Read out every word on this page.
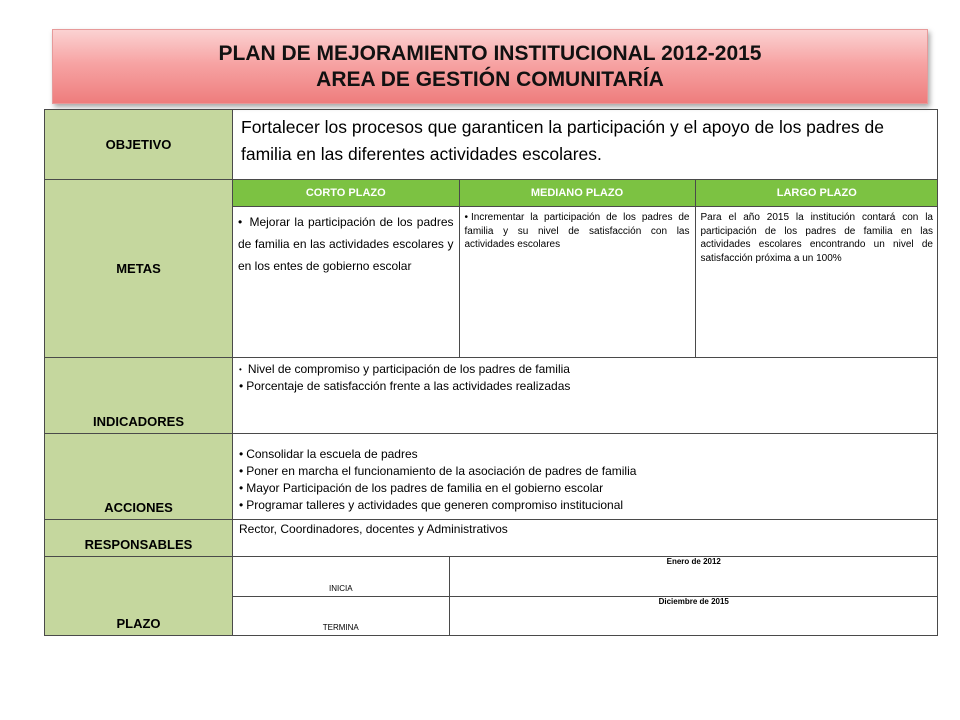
PLAN DE MEJORAMIENTO INSTITUCIONAL 2012-2015
AREA DE GESTIÓN COMUNITARÍA
OBJETIVO	Fortalecer los procesos que garanticen la participación y el apoyo de los padres de familia en las diferentes actividades escolares.
METAS	
CORTO PLAZO	MEDIANO PLAZO	LARGO PLAZO
• Mejorar la participación de los padres de familia en las actividades escolares y en los entes de gobierno escolar	• Incrementar la participación de los padres de familia y su nivel de satisfacción con las actividades escolares	Para el año 2015 la institución contará con la participación de los padres de familia en las actividades escolares encontrando un nivel de satisfacción próxima a un 100%

INDICADORES	
• Nivel de compromiso y participación de los padres de familia
• Porcentaje de satisfacción frente a las actividades realizadas

ACCIONES	
• Consolidar la escuela de padres
• Poner en marcha el funcionamiento de la asociación de padres de familia
• Mayor Participación de los padres de familia en el gobierno escolar
• Programar talleres y actividades que generen compromiso institucional

RESPONSABLES	Rector, Coordinadores, docentes y Administrativos
PLAZO	
INICIA	Enero de 2012
TERMINA	Diciembre de 2015
